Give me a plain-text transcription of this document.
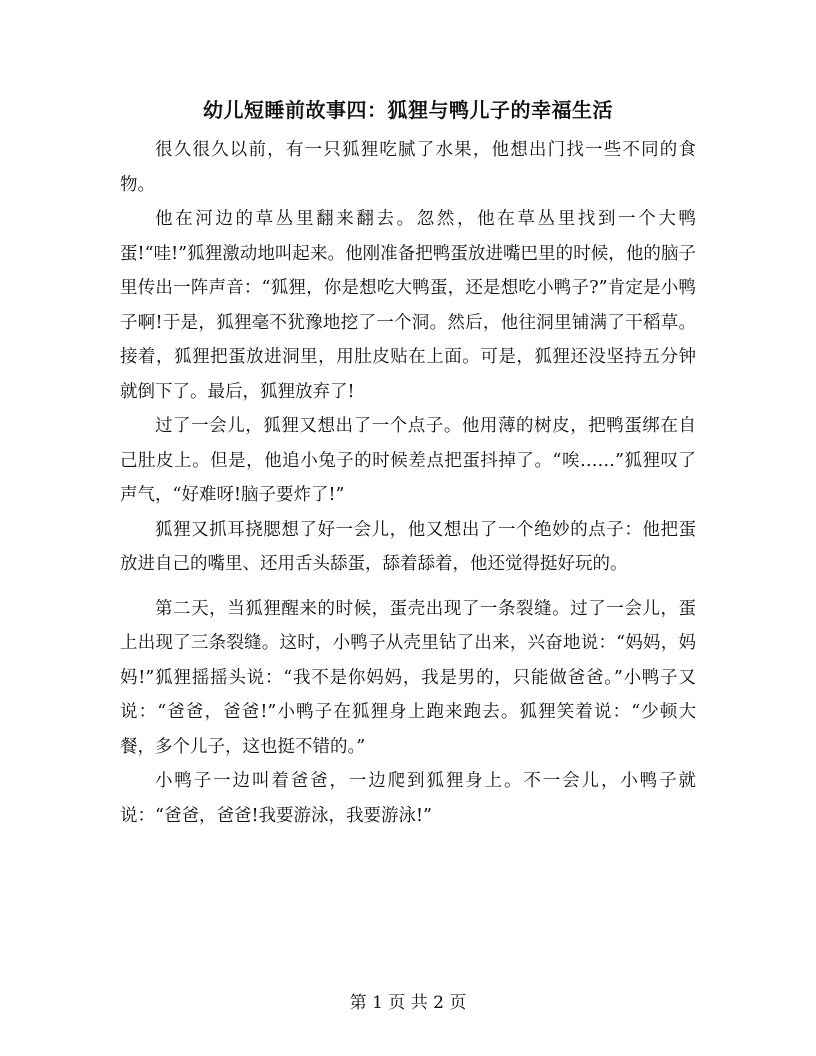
幼儿短睡前故事四：狐狸与鸭儿子的幸福生活

很久很久以前，有一只狐狸吃腻了水果，他想出门找一些不同的食物。

他在河边的草丛里翻来翻去。忽然，他在草丛里找到一个大鸭蛋!“哇!”狐狸激动地叫起来。他刚准备把鸭蛋放进嘴巴里的时候，他的脑子里传出一阵声音：“狐狸，你是想吃大鸭蛋，还是想吃小鸭子?”肯定是小鸭子啊!于是，狐狸毫不犹豫地挖了一个洞。然后，他往洞里铺满了干稻草。接着，狐狸把蛋放进洞里，用肚皮贴在上面。可是，狐狸还没坚持五分钟就倒下了。最后，狐狸放弃了!

过了一会儿，狐狸又想出了一个点子。他用薄的树皮，把鸭蛋绑在自己肚皮上。但是，他追小兔子的时候差点把蛋抖掉了。“唉……”狐狸叹了声气，“好难呀!脑子要炸了!”

狐狸又抓耳挠腮想了好一会儿，他又想出了一个绝妙的点子：他把蛋放进自己的嘴里、还用舌头舔蛋，舔着舔着，他还觉得挺好玩的。

第二天，当狐狸醒来的时候，蛋壳出现了一条裂缝。过了一会儿，蛋上出现了三条裂缝。这时，小鸭子从壳里钻了出来，兴奋地说：“妈妈，妈妈!”狐狸摇摇头说：“我不是你妈妈，我是男的，只能做爸爸。”小鸭子又说：“爸爸，爸爸!”小鸭子在狐狸身上跑来跑去。狐狸笑着说：“少顿大餐，多个儿子，这也挺不错的。”

小鸭子一边叫着爸爸，一边爬到狐狸身上。不一会儿，小鸭子就说：“爸爸，爸爸!我要游泳，我要游泳!”

第 1 页 共 2 页
